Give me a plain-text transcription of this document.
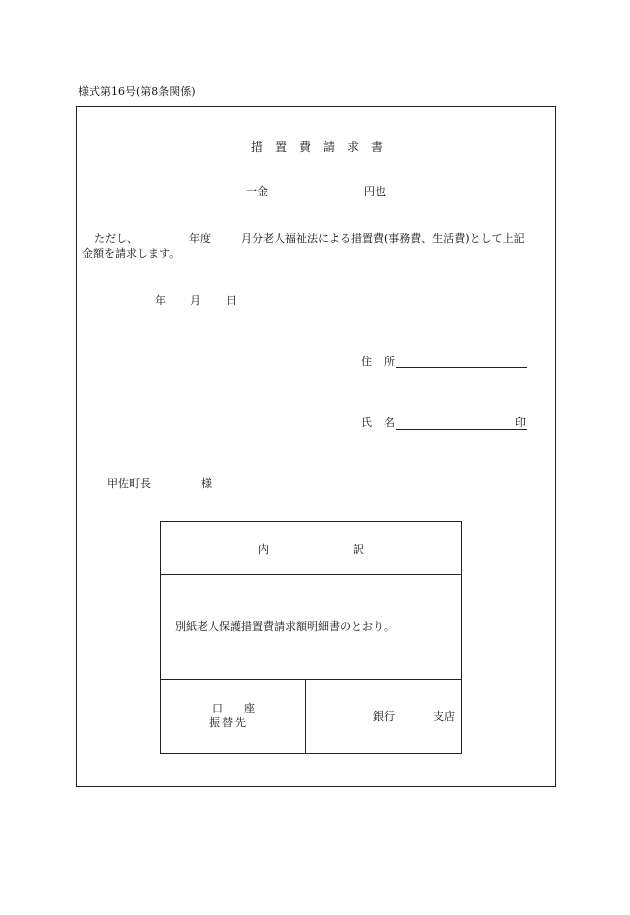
様式第16号(第8条関係)
措 置 費 請 求 書
一金	円也
ただし、	年度	月分老人福祉法による措置費(事務費、生活費)として上記
金額を請求します。
年 月 日
住 所
氏 名	印
甲佐町長	様
内	訳
別紙老人保護措置費請求額明細書のとおり。
口 座
振替先	銀行	支店
